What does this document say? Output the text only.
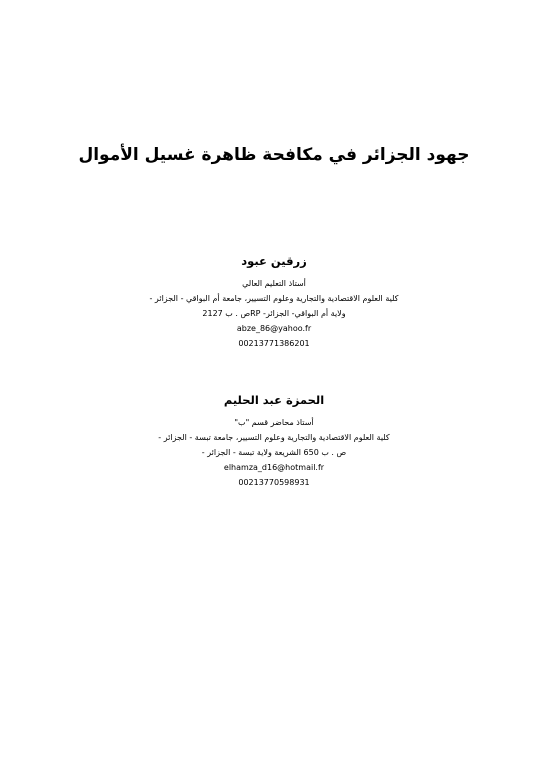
جهود الجزائر في مكافحة ظاهرة غسيل الأموال

زرقين عبود

أستاذ التعليم العالي

كلية العلوم الاقتصادية والتجارية وعلوم التسيير، جامعة أم البواقي - الجزائر -

ولاية أم البواقي- الجزائر- RPص . ب 2127

abze_86@yahoo.fr

00213771386201

الحمزة عبد الحليم

أستاذ محاضر قسم "ب"

كلية العلوم الاقتصادية والتجارية وعلوم التسيير، جامعة تبسة - الجزائر -

ص . ب 650 الشريعة ولاية تبسة - الجزائر -

elhamza_d16@hotmail.fr

00213770598931
